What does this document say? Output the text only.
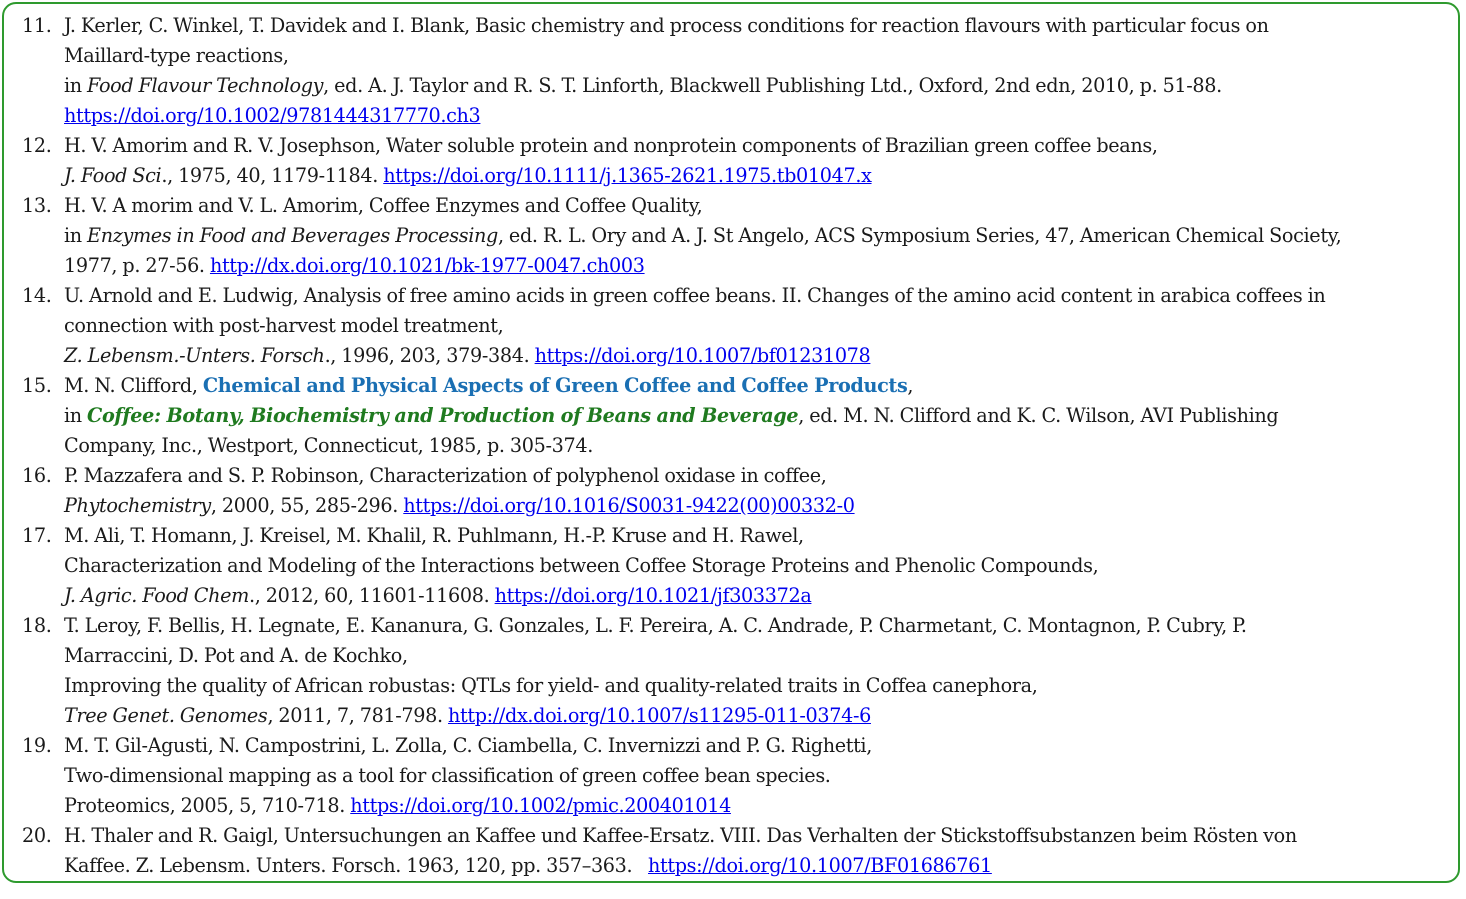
11. J. Kerler, C. Winkel, T. Davidek and I. Blank, Basic chemistry and process conditions for reaction flavours with particular focus on
Maillard-type reactions,
in Food Flavour Technology, ed. A. J. Taylor and R. S. T. Linforth, Blackwell Publishing Ltd., Oxford, 2nd edn, 2010, p. 51-88.
https://doi.org/10.1002/9781444317770.ch3
12. H. V. Amorim and R. V. Josephson, Water soluble protein and nonprotein components of Brazilian green coffee beans,
J. Food Sci., 1975, 40, 1179-1184. https://doi.org/10.1111/j.1365-2621.1975.tb01047.x
13. H. V. A morim and V. L. Amorim, Coffee Enzymes and Coffee Quality,
in Enzymes in Food and Beverages Processing, ed. R. L. Ory and A. J. St Angelo, ACS Symposium Series, 47, American Chemical Society,
1977, p. 27-56. http://dx.doi.org/10.1021/bk-1977-0047.ch003
14. U. Arnold and E. Ludwig, Analysis of free amino acids in green coffee beans. II. Changes of the amino acid content in arabica coffees in
connection with post-harvest model treatment,
Z. Lebensm.-Unters. Forsch., 1996, 203, 379-384. https://doi.org/10.1007/bf01231078
15. M. N. Clifford, Chemical and Physical Aspects of Green Coffee and Coffee Products,
in Coffee: Botany, Biochemistry and Production of Beans and Beverage, ed. M. N. Clifford and K. C. Wilson, AVI Publishing
Company, Inc., Westport, Connecticut, 1985, p. 305-374.
16. P. Mazzafera and S. P. Robinson, Characterization of polyphenol oxidase in coffee,
Phytochemistry, 2000, 55, 285-296. https://doi.org/10.1016/S0031-9422(00)00332-0
17. M. Ali, T. Homann, J. Kreisel, M. Khalil, R. Puhlmann, H.-P. Kruse and H. Rawel,
Characterization and Modeling of the Interactions between Coffee Storage Proteins and Phenolic Compounds,
J. Agric. Food Chem., 2012, 60, 11601-11608. https://doi.org/10.1021/jf303372a
18. T. Leroy, F. Bellis, H. Legnate, E. Kananura, G. Gonzales, L. F. Pereira, A. C. Andrade, P. Charmetant, C. Montagnon, P. Cubry, P.
Marraccini, D. Pot and A. de Kochko,
Improving the quality of African robustas: QTLs for yield- and quality-related traits in Coffea canephora,
Tree Genet. Genomes, 2011, 7, 781-798. http://dx.doi.org/10.1007/s11295-011-0374-6
19. M. T. Gil-Agusti, N. Campostrini, L. Zolla, C. Ciambella, C. Invernizzi and P. G. Righetti,
Two-dimensional mapping as a tool for classification of green coffee bean species.
Proteomics, 2005, 5, 710-718. https://doi.org/10.1002/pmic.200401014
20. H. Thaler and R. Gaigl, Untersuchungen an Kaffee und Kaffee-Ersatz. VIII. Das Verhalten der Stickstoffsubstanzen beim Rösten von
Kaffee. Z. Lebensm. Unters. Forsch. 1963, 120, pp. 357–363.   https://doi.org/10.1007/BF01686761
